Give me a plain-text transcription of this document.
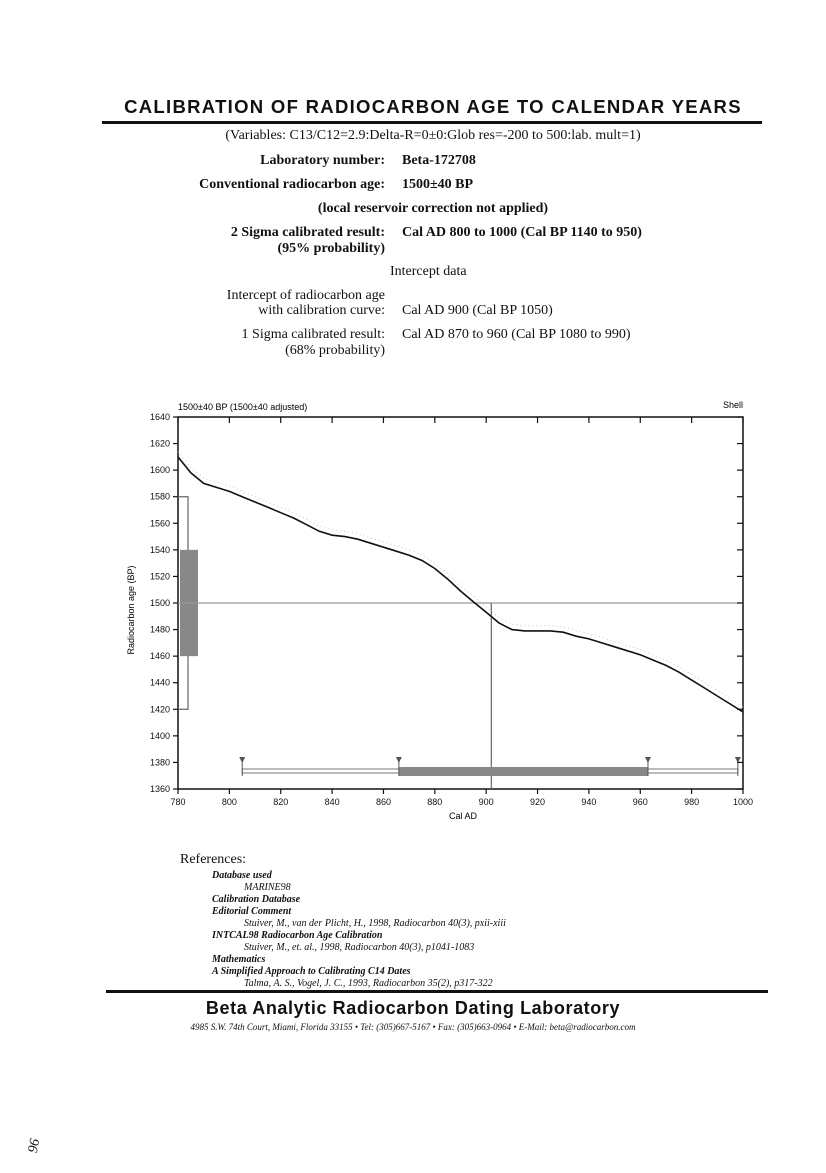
CALIBRATION OF RADIOCARBON AGE TO CALENDAR YEARS
(Variables: C13/C12=2.9:Delta-R=0±0:Glob res=-200 to 500:lab. mult=1)
Laboratory number: Beta-172708
Conventional radiocarbon age: 1500±40 BP
(local reservoir correction not applied)
2 Sigma calibrated result:
(95% probability)
Cal AD 800 to 1000 (Cal BP 1140 to 950)
Intercept data
Intercept of radiocarbon age
with calibration curve: Cal AD 900 (Cal BP 1050)
1 Sigma calibrated result:
(68% probability)
Cal AD 870 to 960 (Cal BP 1080 to 990)
1500±40 BP (1500±40 adjusted)	Shell
Cal AD
Radiocarbon age (BP)
1360
1380
1400
1420
1440
1460
1480
1500
1520
1540
1560
1580
1600
1620
1640
780	800	820	840	860	880	900	920	940	960	980	1000
References:
Database used
MARINE98
Calibration Database
Editorial Comment
Stuiver, M., van der Plicht, H., 1998, Radiocarbon 40(3), pxii-xiii
INTCAL98 Radiocarbon Age Calibration
Stuiver, M., et. al., 1998, Radiocarbon 40(3), p1041-1083
Mathematics
A Simplified Approach to Calibrating C14 Dates
Talma, A. S., Vogel, J. C., 1993, Radiocarbon 35(2), p317-322
Beta Analytic Radiocarbon Dating Laboratory
4985 S.W. 74th Court, Miami, Florida 33155 • Tel: (305)667-5167 • Fax: (305)663-0964 • E-Mail: beta@radiocarbon.com
96
